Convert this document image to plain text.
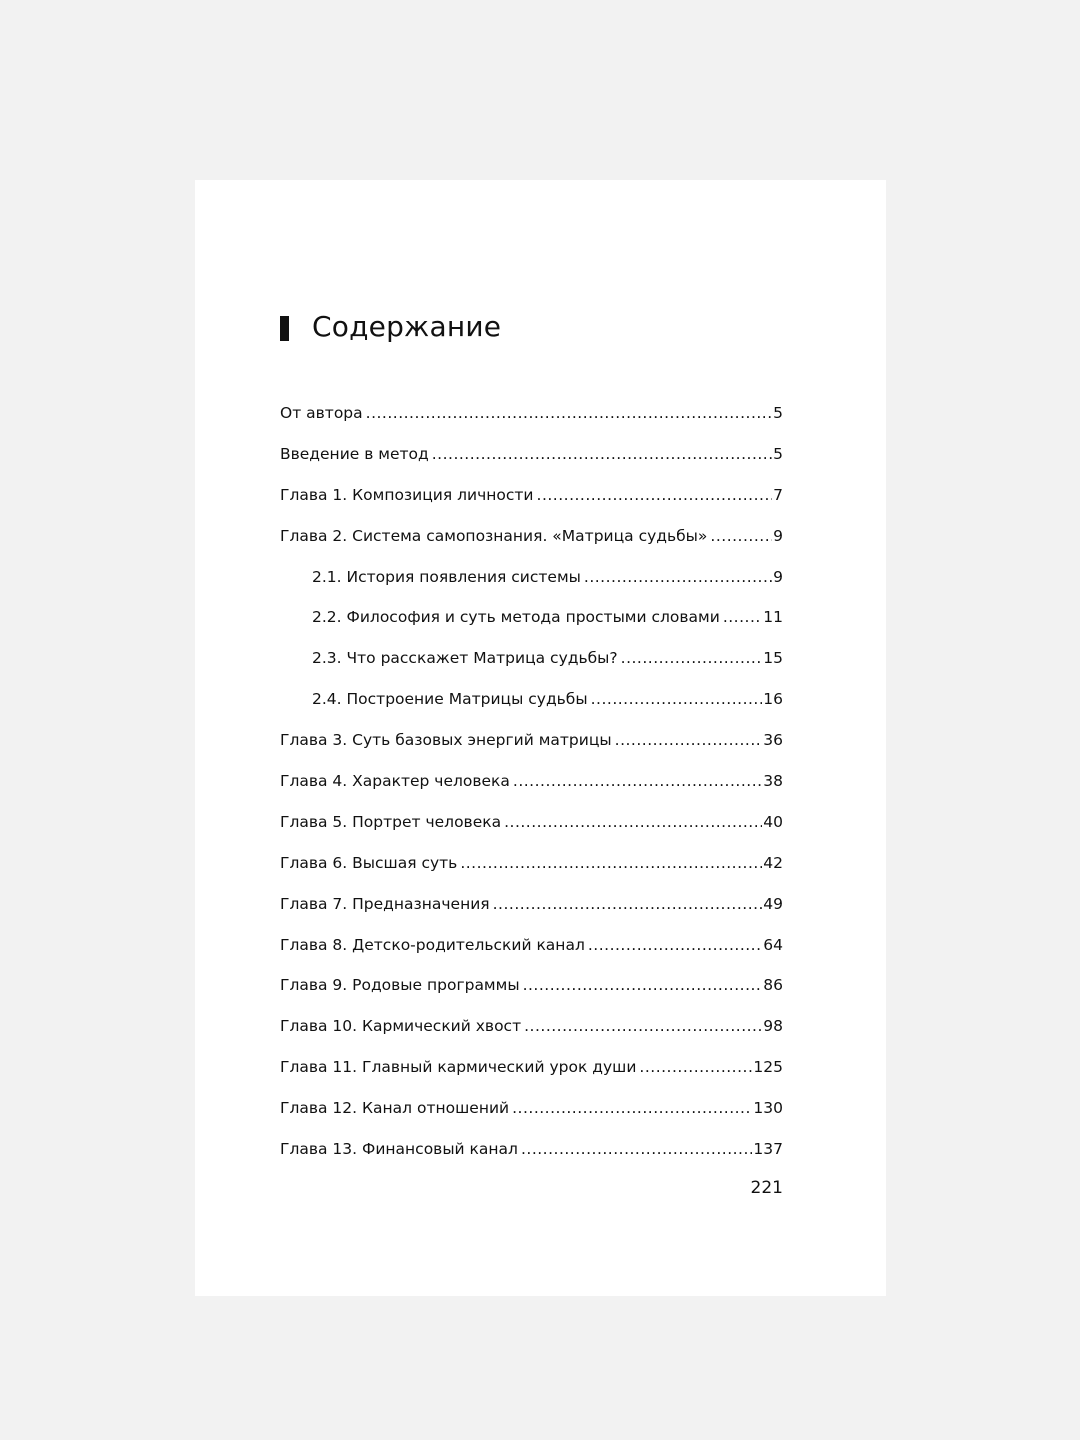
Содержание
От автора .....	5
Введение в метод .....	5
Глава 1. Композиция личности .....	7
Глава 2. Система самопознания. «Матрица судьбы» .....	9
2.1. История появления системы .....	9
2.2. Философия и суть метода простыми словами .....	11
2.3. Что расскажет Матрица судьбы? .....	15
2.4. Построение Матрицы судьбы .....	16
Глава 3. Суть базовых энергий матрицы .....	36
Глава 4. Характер человека .....	38
Глава 5. Портрет человека .....	40
Глава 6. Высшая суть .....	42
Глава 7. Предназначения .....	49
Глава 8. Детско-родительский канал .....	64
Глава 9. Родовые программы .....	86
Глава 10. Кармический хвост .....	98
Глава 11. Главный кармический урок души .....	125
Глава 12. Канал отношений .....	130
Глава 13. Финансовый канал .....	137
221
